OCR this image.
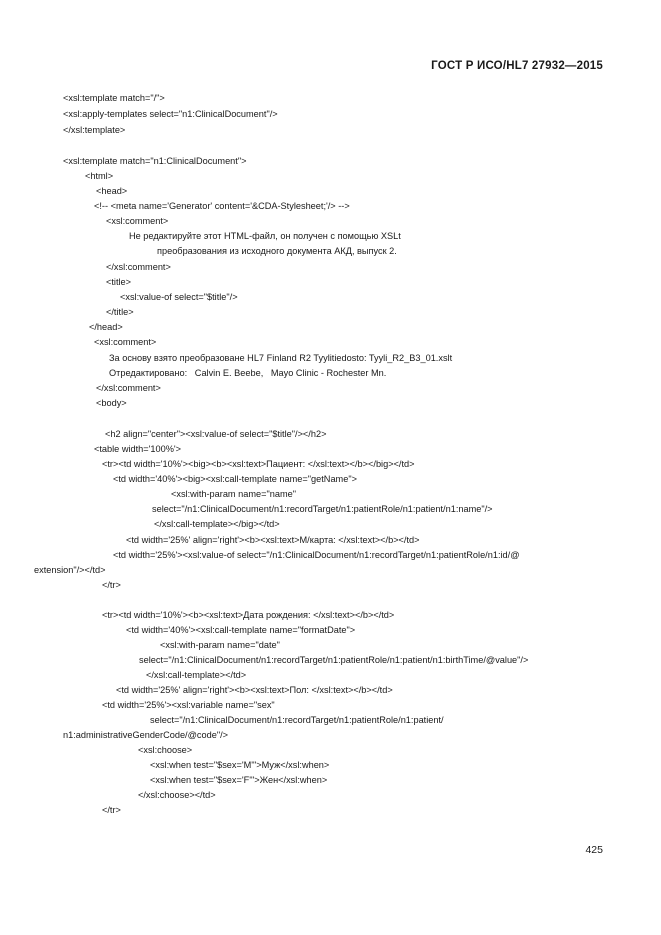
ГОСТ Р ИСО/HL7 27932—2015
<xsl:template match="/">
<xsl:apply-templates select="n1:ClinicalDocument"/>
</xsl:template>
<xsl:template match="n1:ClinicalDocument">
<html>
<head>
<!-- <meta name='Generator' content='&CDA-Stylesheet;'/> -->
<xsl:comment>
Не редактируйте этот HTML-файл, он получен с помощью XSLt
преобразования из исходного документа АКД, выпуск 2.
</xsl:comment>
<title>
<xsl:value-of select="$title"/>
</title>
</head>
<xsl:comment>
За основу взято преобразоване HL7 Finland R2 Tyylitiedosto: Tyyli_R2_B3_01.xslt
Отредактировано:   Calvin E. Beebe,   Mayo Clinic - Rochester Mn.
</xsl:comment>
<body>
<h2 align="center"><xsl:value-of select="$title"/></h2>
<table width='100%'>
<tr><td width='10%'><big><b><xsl:text>Пациент: </xsl:text></b></big></td>
<td width='40%'><big><xsl:call-template name="getName">
<xsl:with-param name="name"
select="/n1:ClinicalDocument/n1:recordTarget/n1:patientRole/n1:patient/n1:name"/>
</xsl:call-template></big></td>
<td width='25%' align='right'><b><xsl:text>М/карта: </xsl:text></b></td>
<td width='25%'><xsl:value-of select="/n1:ClinicalDocument/n1:recordTarget/n1:patientRole/n1:id/@
extension"/></td>
</tr>
<tr><td width='10%'><b><xsl:text>Дата рождения: </xsl:text></b></td>
<td width='40%'><xsl:call-template name="formatDate">
<xsl:with-param name="date"
select="/n1:ClinicalDocument/n1:recordTarget/n1:patientRole/n1:patient/n1:birthTime/@value"/>
</xsl:call-template></td>
<td width='25%' align='right'><b><xsl:text>Пол: </xsl:text></b></td>
<td width='25%'><xsl:variable name="sex"
select="/n1:ClinicalDocument/n1:recordTarget/n1:patientRole/n1:patient/
n1:administrativeGenderCode/@code"/>
<xsl:choose>
<xsl:when test="$sex='M'">Муж</xsl:when>
<xsl:when test="$sex='F'">Жен</xsl:when>
</xsl:choose></td>
</tr>
425
